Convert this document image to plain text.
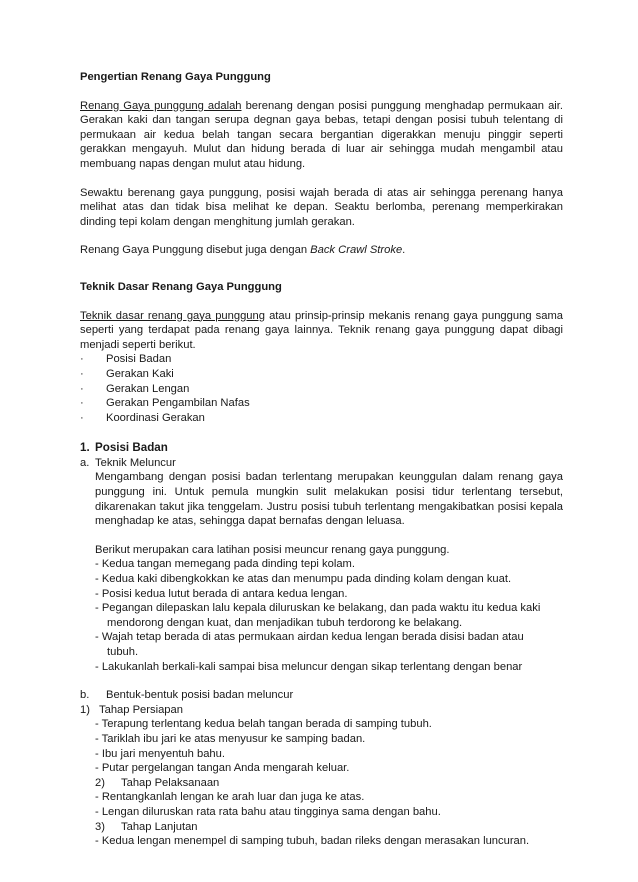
Pengertian Renang Gaya Punggung

Renang Gaya punggung adalah berenang dengan posisi punggung menghadap permukaan air. Gerakan kaki dan tangan serupa degnan gaya bebas, tetapi dengan posisi tubuh telentang di permukaan air kedua belah tangan secara bergantian digerakkan menuju pinggir seperti gerakkan mengayuh. Mulut dan hidung berada di luar air sehingga mudah mengambil atau membuang napas dengan mulut atau hidung.

Sewaktu berenang gaya punggung, posisi wajah berada di atas air sehingga perenang hanya melihat atas dan tidak bisa melihat ke depan. Seaktu berlomba, perenang memperkirakan dinding tepi kolam dengan menghitung jumlah gerakan.

Renang Gaya Punggung disebut juga dengan Back Crawl Stroke.

Teknik Dasar Renang Gaya Punggung

Teknik dasar renang gaya punggung atau prinsip-prinsip mekanis renang gaya punggung sama seperti yang terdapat pada renang gaya lainnya. Teknik renang gaya punggung dapat dibagi menjadi seperti berikut.

·	Posisi Badan
·	Gerakan Kaki
·	Gerakan Lengan
·	Gerakan Pengambilan Nafas
·	Koordinasi Gerakan
1. Posisi Badan
a. Teknik Meluncur

Mengambang dengan posisi badan terlentang merupakan keunggulan dalam renang gaya punggung ini. Untuk pemula mungkin sulit melakukan posisi tidur terlentang tersebut, dikarenakan takut jika tenggelam. Justru posisi tubuh terlentang mengakibatkan posisi kepala menghadap ke atas, sehingga dapat bernafas dengan leluasa.

Berikut merupakan cara latihan posisi meuncur renang gaya punggung.

- Kedua tangan memegang pada dinding tepi kolam.
- Kedua kaki dibengkokkan ke atas dan menumpu pada dinding kolam dengan kuat.
- Posisi kedua lutut berada di antara kedua lengan.
- Pegangan dilepaskan lalu kepala diluruskan ke belakang, dan pada waktu itu kedua kaki
mendorong dengan kuat, dan menjadikan tubuh terdorong ke belakang.
- Wajah tetap berada di atas permukaan airdan kedua lengan berada disisi badan atau
tubuh.
- Lakukanlah berkali-kali sampai bisa meluncur dengan sikap terlentang dengan benar
b.	Bentuk-bentuk posisi badan meluncur
1) Tahap Persiapan
- Terapung terlentang kedua belah tangan berada di samping tubuh.
- Tariklah ibu jari ke atas menyusur ke samping badan.
- Ibu jari menyentuh bahu.
- Putar pergelangan tangan Anda mengarah keluar.
2)	Tahap Pelaksanaan
- Rentangkanlah lengan ke arah luar dan juga ke atas.
- Lengan diluruskan rata rata bahu atau tingginya sama dengan bahu.
3)	Tahap Lanjutan
- Kedua lengan menempel di samping tubuh, badan rileks dengan merasakan luncuran.
